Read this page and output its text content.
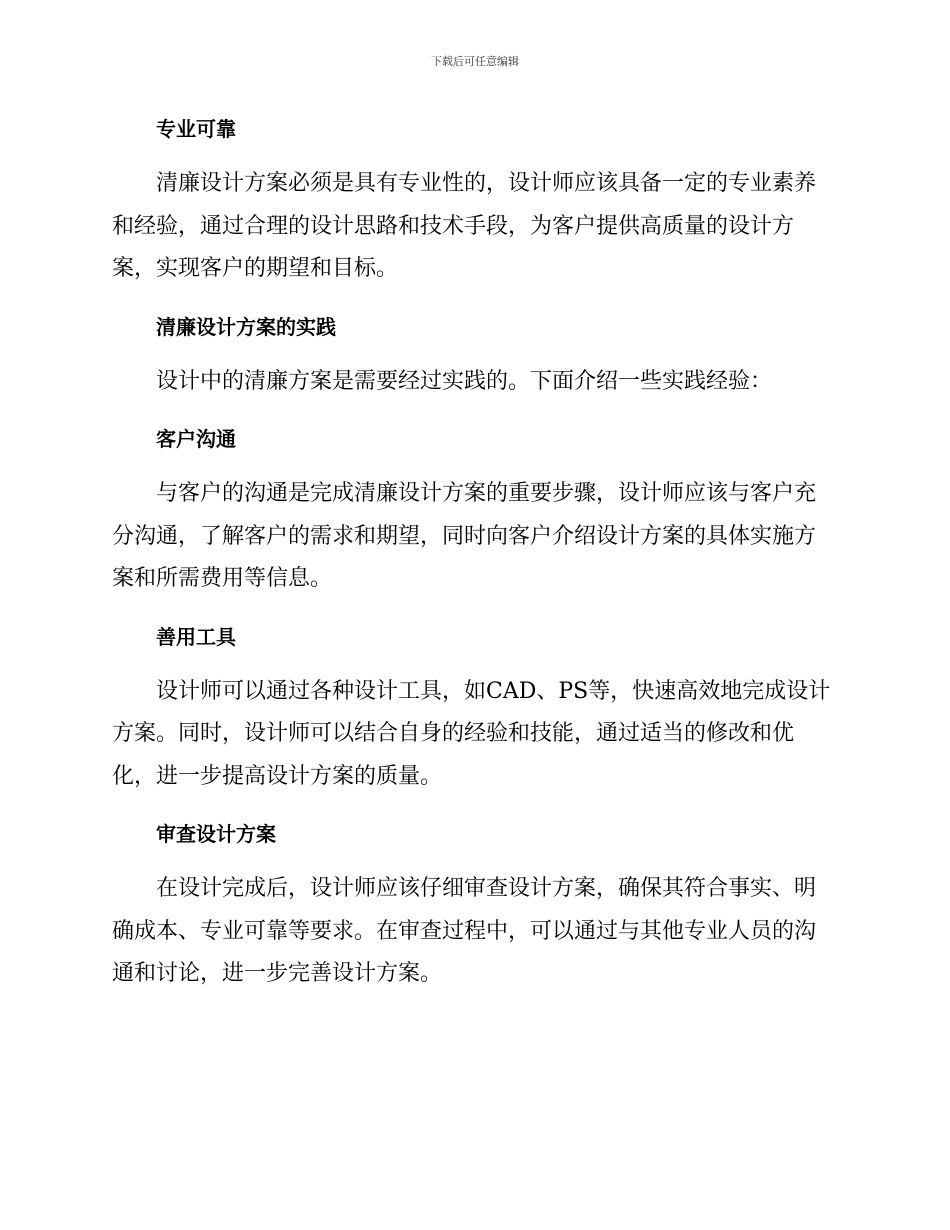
下载后可任意编辑
专业可靠

清廉设计方案必须是具有专业性的，设计师应该具备一定的专业素养和经验，通过合理的设计思路和技术手段，为客户提供高质量的设计方案，实现客户的期望和目标。

清廉设计方案的实践

设计中的清廉方案是需要经过实践的。下面介绍一些实践经验：

客户沟通

与客户的沟通是完成清廉设计方案的重要步骤，设计师应该与客户充分沟通，了解客户的需求和期望，同时向客户介绍设计方案的具体实施方案和所需费用等信息。

善用工具

设计师可以通过各种设计工具，如CAD、PS等，快速高效地完成设计方案。同时，设计师可以结合自身的经验和技能，通过适当的修改和优化，进一步提高设计方案的质量。

审查设计方案

在设计完成后，设计师应该仔细审查设计方案，确保其符合事实、明确成本、专业可靠等要求。在审查过程中，可以通过与其他专业人员的沟通和讨论，进一步完善设计方案。
